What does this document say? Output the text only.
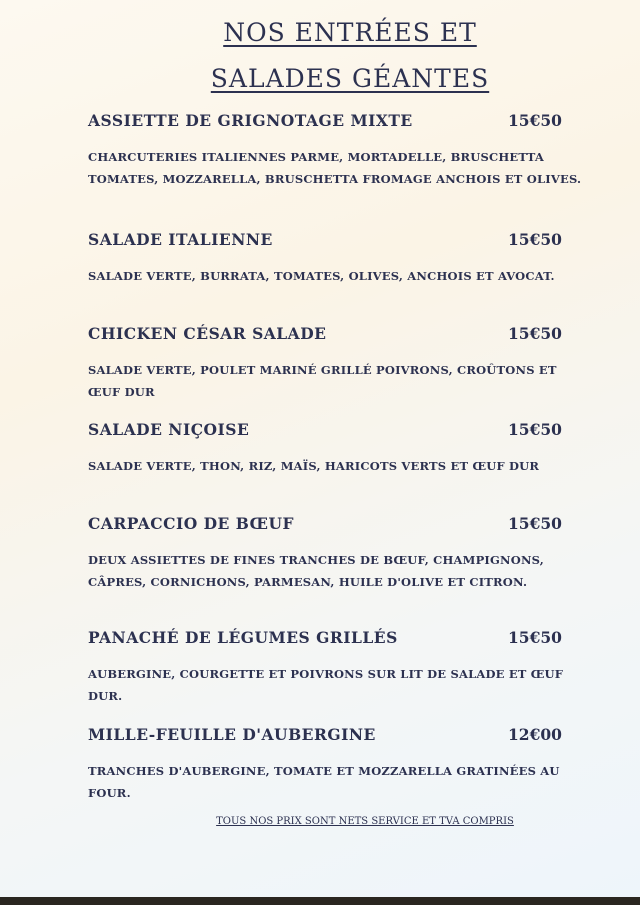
NOS ENTRÉES ET
SALADES GÉANTES
ASSIETTE DE GRIGNOTAGE MIXTE	15€50
CHARCUTERIES ITALIENNES PARME, MORTADELLE, BRUSCHETTA TOMATES, MOZZARELLA, BRUSCHETTA FROMAGE ANCHOIS ET OLIVES.
SALADE ITALIENNE	15€50
SALADE VERTE, BURRATA, TOMATES, OLIVES, ANCHOIS ET AVOCAT.
CHICKEN CÉSAR SALADE	15€50
SALADE VERTE, POULET MARINÉ GRILLÉ POIVRONS, CROÛTONS ET ŒUF DUR
SALADE NIÇOISE	15€50
SALADE VERTE, THON, RIZ, MAÏS, HARICOTS VERTS ET ŒUF DUR
CARPACCIO DE BŒUF	15€50
DEUX ASSIETTES DE FINES TRANCHES DE BŒUF, CHAMPIGNONS, CÂPRES, CORNICHONS, PARMESAN, HUILE D'OLIVE ET CITRON.
PANACHÉ DE LÉGUMES GRILLÉS	15€50
AUBERGINE, COURGETTE ET POIVRONS SUR LIT DE SALADE ET ŒUF DUR.
MILLE-FEUILLE D'AUBERGINE	12€00
TRANCHES D'AUBERGINE, TOMATE ET MOZZARELLA GRATINÉES AU FOUR.
TOUS NOS PRIX SONT NETS SERVICE ET TVA COMPRIS
